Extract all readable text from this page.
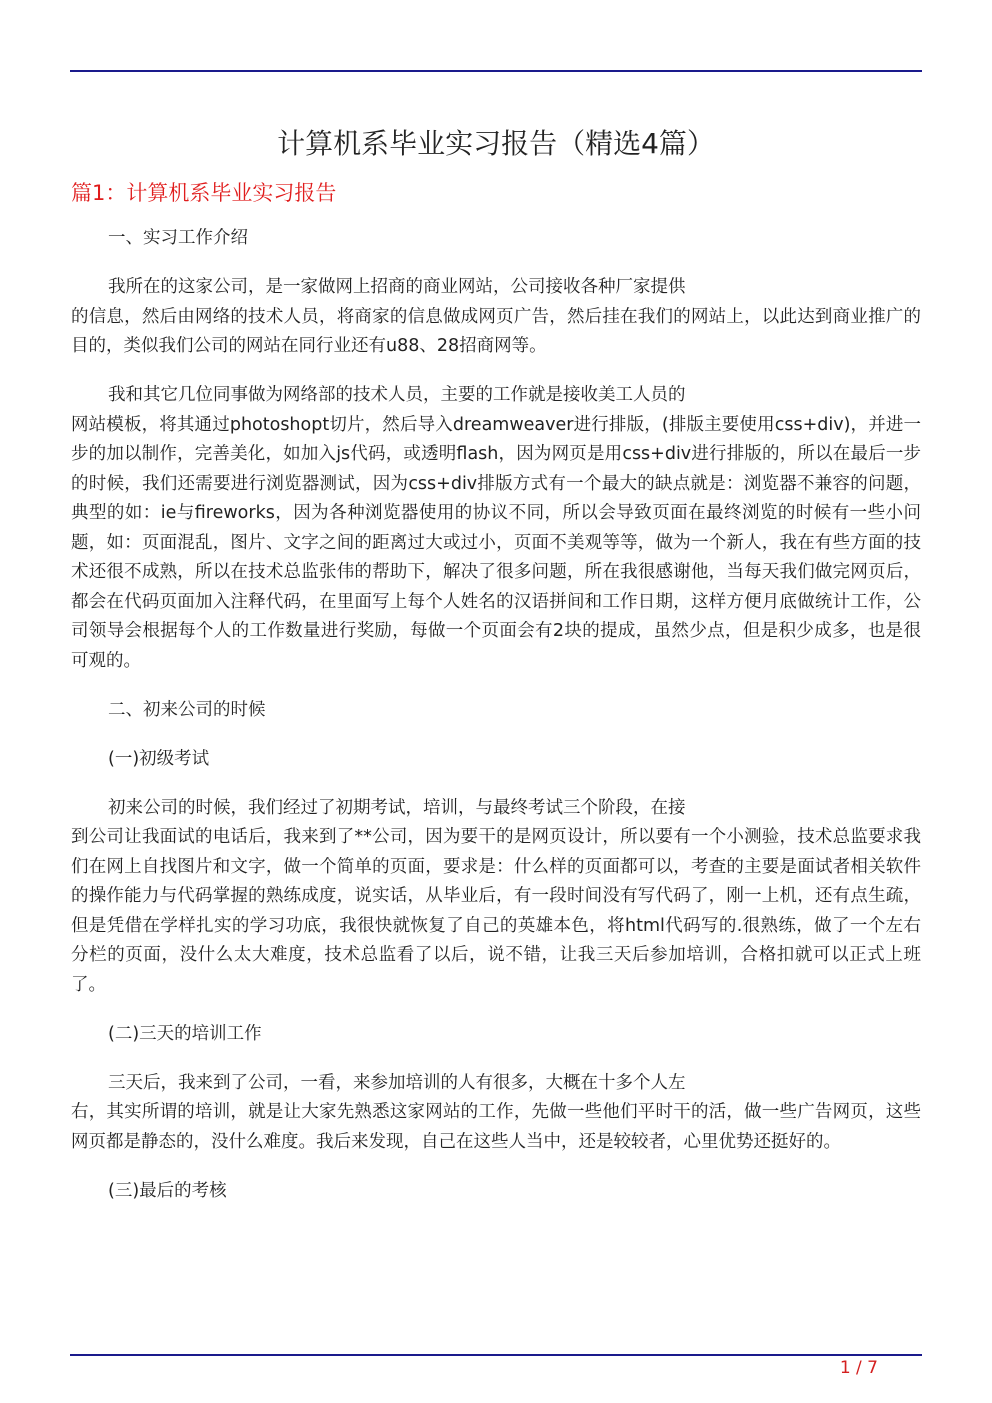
计算机系毕业实习报告（精选4篇）
篇1：计算机系毕业实习报告

一、实习工作介绍

我所在的这家公司，是一家做网上招商的商业网站，公司接收各种厂家提供
的信息，然后由网络的技术人员，将商家的信息做成网页广告，然后挂在我们的网站上，以此达到商业推广的目的，类似我们公司的网站在同行业还有u88、28招商网等。

我和其它几位同事做为网络部的技术人员，主要的工作就是接收美工人员的
网站模板，将其通过photoshopt切片，然后导入dreamweaver进行排版，(排版主要使用css+div)，并进一步的加以制作，完善美化，如加入js代码，或透明flash，因为网页是用css+div进行排版的，所以在最后一步的时候，我们还需要进行浏览器测试，因为css+div排版方式有一个最大的缺点就是：浏览器不兼容的问题，典型的如：ie与fireworks，因为各种浏览器使用的协议不同，所以会导致页面在最终浏览的时候有一些小问题，如：页面混乱，图片、文字之间的距离过大或过小，页面不美观等等，做为一个新人，我在有些方面的技术还很不成熟，所以在技术总监张伟的帮助下，解决了很多问题，所在我很感谢他，当每天我们做完网页后，都会在代码页面加入注释代码，在里面写上每个人姓名的汉语拼间和工作日期，这样方便月底做统计工作，公司领导会根据每个人的工作数量进行奖励，每做一个页面会有2块的提成，虽然少点，但是积少成多，也是很可观的。

二、初来公司的时候

(一)初级考试

初来公司的时候，我们经过了初期考试，培训，与最终考试三个阶段，在接
到公司让我面试的电话后，我来到了**公司，因为要干的是网页设计，所以要有一个小测验，技术总监要求我们在网上自找图片和文字，做一个简单的页面，要求是：什么样的页面都可以，考查的主要是面试者相关软件的操作能力与代码掌握的熟练成度，说实话，从毕业后，有一段时间没有写代码了，刚一上机，还有点生疏，但是凭借在学样扎实的学习功底，我很快就恢复了自己的英雄本色，将html代码写的.很熟练，做了一个左右分栏的页面，没什么太大难度，技术总监看了以后，说不错，让我三天后参加培训，合格扣就可以正式上班了。

(二)三天的培训工作

三天后，我来到了公司，一看，来参加培训的人有很多，大概在十多个人左
右，其实所谓的培训，就是让大家先熟悉这家网站的工作，先做一些他们平时干的活，做一些广告网页，这些网页都是静态的，没什么难度。我后来发现，自己在这些人当中，还是较较者，心里优势还挺好的。

(三)最后的考核

1 / 7
